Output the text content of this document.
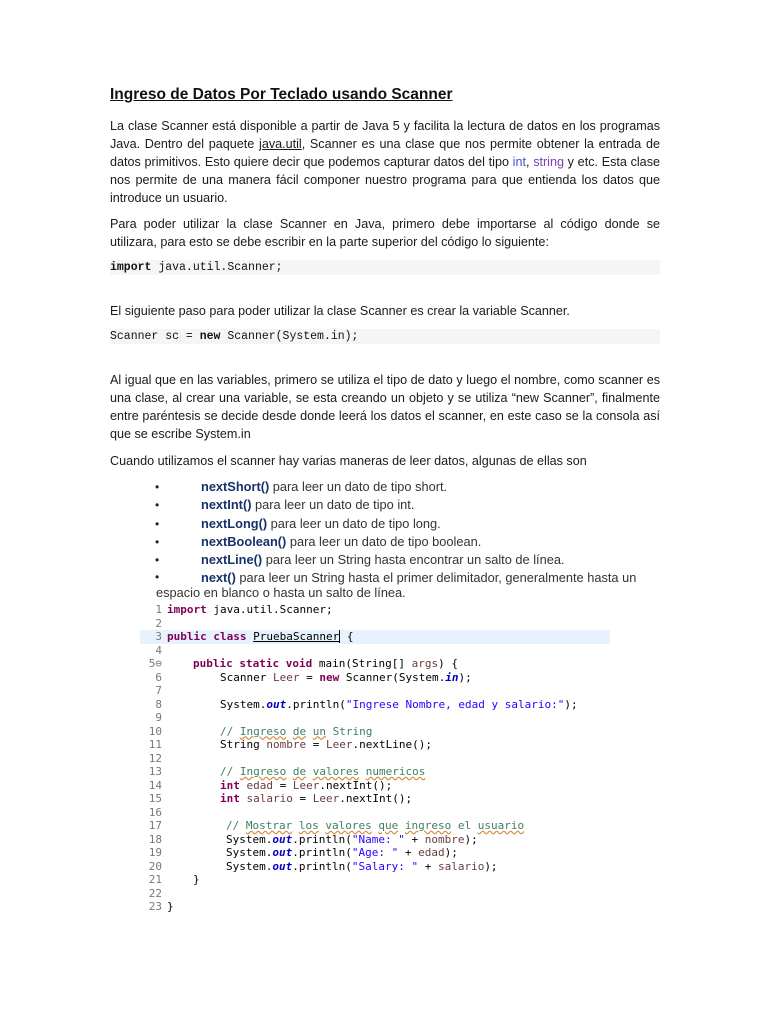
Ingreso de Datos Por Teclado usando Scanner

La clase Scanner está disponible a partir de Java 5 y facilita la lectura de datos en los programas Java. Dentro del paquete java.util, Scanner es una clase que nos permite obtener la entrada de datos primitivos. Esto quiere decir que podemos capturar datos del tipo int, string y etc. Esta clase nos permite de una manera fácil componer nuestro programa para que entienda los datos que introduce un usuario.

Para poder utilizar la clase Scanner en Java, primero debe importarse al código donde se utilizara, para esto se debe escribir en la parte superior del código lo siguiente:

import java.util.Scanner;

El siguiente paso para poder utilizar la clase Scanner es crear la variable Scanner.

Scanner sc = new Scanner(System.in);

Al igual que en las variables, primero se utiliza el tipo de dato y luego el nombre, como scanner es una clase, al crear una variable, se esta creando un objeto y se utiliza “new Scanner”, finalmente entre paréntesis se decide desde donde leerá los datos el scanner, en este caso se la consola así que se escribe System.in

Cuando utilizamos el scanner hay varias maneras de leer datos, algunas de ellas son

•	nextShort() para leer un dato de tipo short.
•	nextInt() para leer un dato de tipo int.
•	nextLong() para leer un dato de tipo long.
•	nextBoolean() para leer un dato de tipo boolean.
•	nextLine() para leer un String hasta encontrar un salto de línea.
•	next() para leer un String hasta el primer delimitador, generalmente hasta un espacio en blanco o hasta un salto de línea.
1 import java.util.Scanner;
2
3 public class PruebaScanner {
4
5⊖	public static void main(String[] args) {
6	Scanner Leer = new Scanner(System.in);
7
8	System.out.println("Ingrese Nombre, edad y salario:");
9
10	// Ingreso de un String
11	String nombre = Leer.nextLine();
12
13	// Ingreso de valores numericos
14	int edad = Leer.nextInt();
15	int salario = Leer.nextInt();
16
17	// Mostrar los valores que ingreso el usuario
18	System.out.println("Name: " + nombre);
19	System.out.println("Age: " + edad);
20	System.out.println("Salary: " + salario);
21	}
22
23 }
